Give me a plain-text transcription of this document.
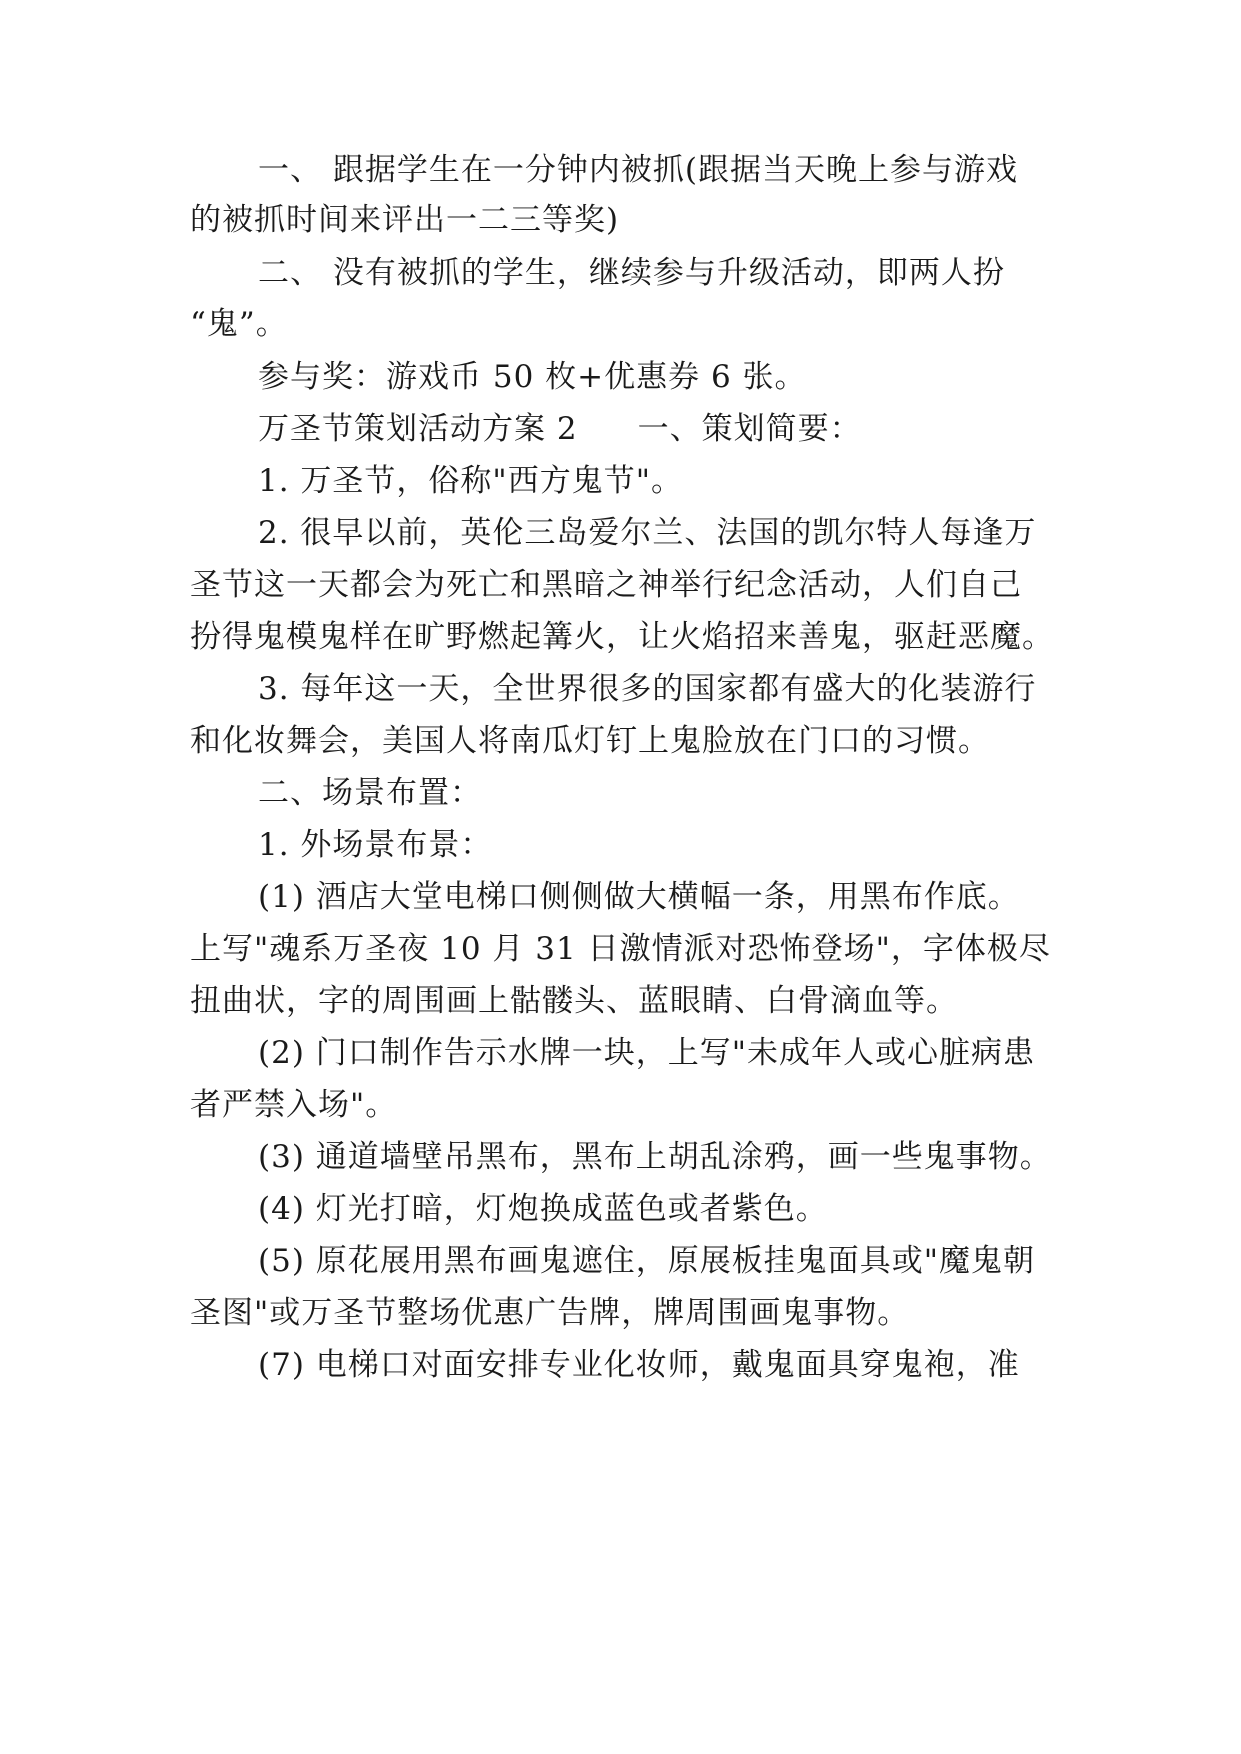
一、 跟据学生在一分钟内被抓(跟据当天晚上参与游戏
的被抓时间来评出一二三等奖)
二、 没有被抓的学生，继续参与升级活动，即两人扮
“鬼”。
参与奖：游戏币 50 枚+优惠券 6 张。
万圣节策划活动方案 2 一、策划简要：
1. 万圣节，俗称"西方鬼节"。
2. 很早以前，英伦三岛爱尔兰、法国的凯尔特人每逢万
圣节这一天都会为死亡和黑暗之神举行纪念活动，人们自己
扮得鬼模鬼样在旷野燃起篝火，让火焰招来善鬼，驱赶恶魔。
3. 每年这一天，全世界很多的国家都有盛大的化装游行
和化妆舞会，美国人将南瓜灯钉上鬼脸放在门口的习惯。
二、场景布置：
1. 外场景布景：
(1) 酒店大堂电梯口侧侧做大横幅一条，用黑布作底。
上写"魂系万圣夜 10 月 31 日激情派对恐怖登场"，字体极尽
扭曲状，字的周围画上骷髅头、蓝眼睛、白骨滴血等。
(2) 门口制作告示水牌一块，上写"未成年人或心脏病患
者严禁入场"。
(3) 通道墙壁吊黑布，黑布上胡乱涂鸦，画一些鬼事物。
(4) 灯光打暗，灯炮换成蓝色或者紫色。
(5) 原花展用黑布画鬼遮住，原展板挂鬼面具或"魔鬼朝
圣图"或万圣节整场优惠广告牌，牌周围画鬼事物。
(7) 电梯口对面安排专业化妆师，戴鬼面具穿鬼袍，准
